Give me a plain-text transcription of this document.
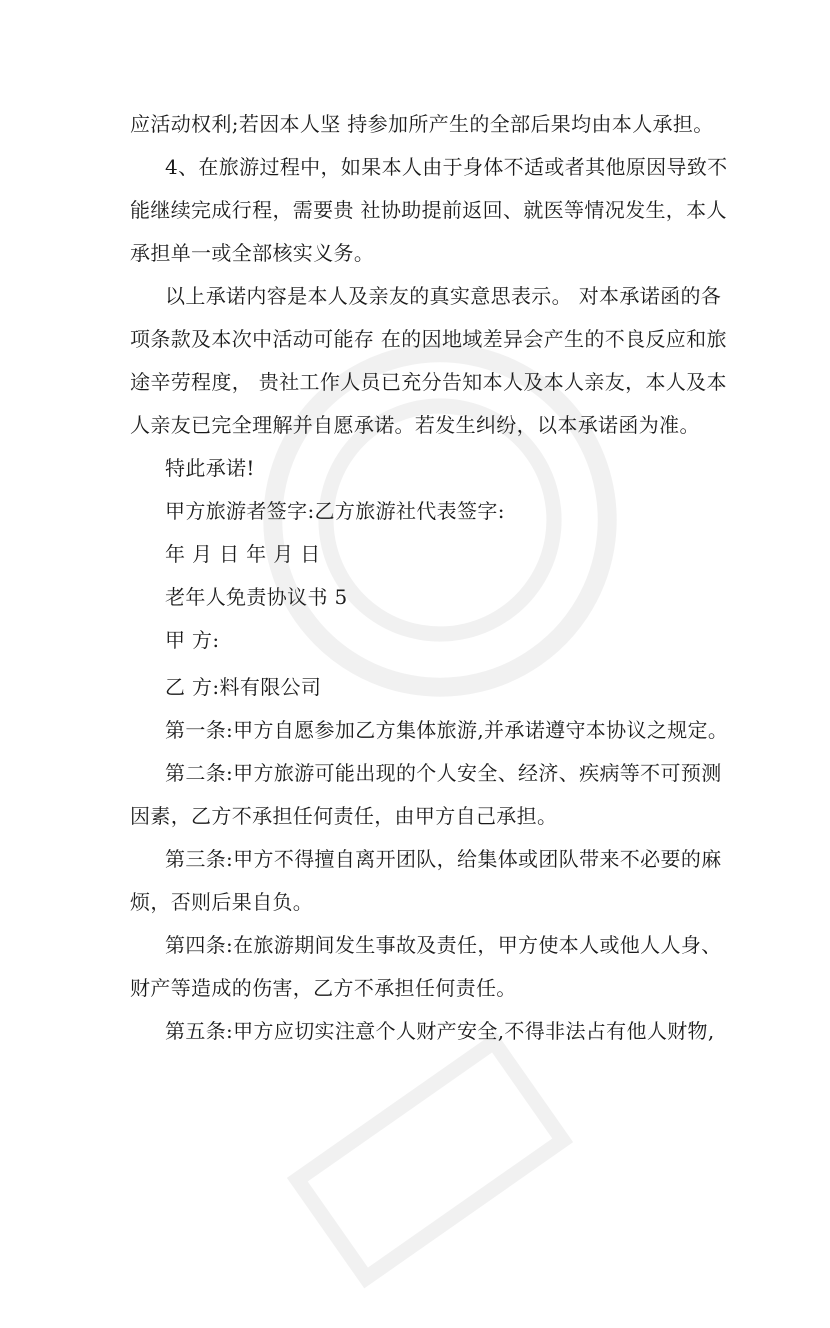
应活动权利;若因本人坚 持参加所产生的全部后果均由本人承担。
4、在旅游过程中，如果本人由于身体不适或者其他原因导致不
能继续完成行程，需要贵 社协助提前返回、就医等情况发生，本人
承担单一或全部核实义务。
以上承诺内容是本人及亲友的真实意思表示。 对本承诺函的各
项条款及本次中活动可能存 在的因地域差异会产生的不良反应和旅
途辛劳程度， 贵社工作人员已充分告知本人及本人亲友，本人及本
人亲友已完全理解并自愿承诺。若发生纠纷，以本承诺函为准。
特此承诺!
甲方旅游者签字:乙方旅游社代表签字:
年 月 日 年 月 日
老年人免责协议书 5
甲 方:
乙 方:料有限公司
第一条:甲方自愿参加乙方集体旅游,并承诺遵守本协议之规定。
第二条:甲方旅游可能出现的个人安全、经济、疾病等不可预测
因素，乙方不承担任何责任，由甲方自己承担。
第三条:甲方不得擅自离开团队，给集体或团队带来不必要的麻
烦，否则后果自负。
第四条:在旅游期间发生事故及责任，甲方使本人或他人人身、
财产等造成的伤害，乙方不承担任何责任。
第五条:甲方应切实注意个人财产安全,不得非法占有他人财物,
